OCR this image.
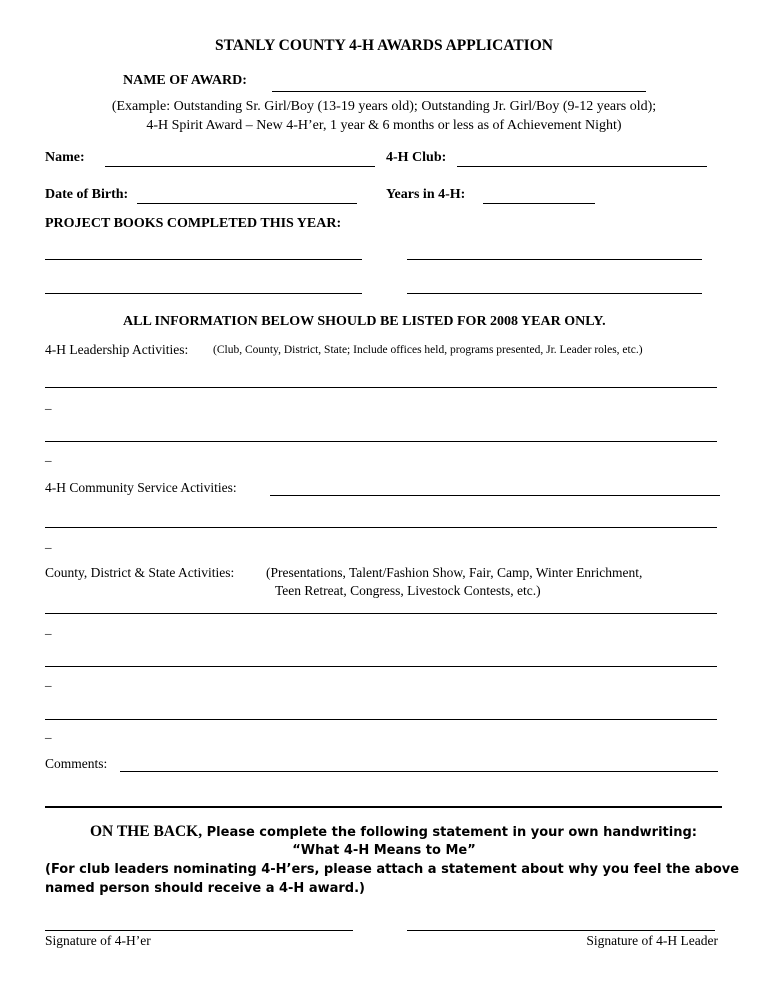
STANLY COUNTY 4-H AWARDS APPLICATION
NAME OF AWARD:
(Example: Outstanding Sr. Girl/Boy (13-19 years old); Outstanding Jr. Girl/Boy (9-12 years old);
4-H Spirit Award – New 4-H’er, 1 year & 6 months or less as of Achievement Night)
Name:	4-H Club:
Date of Birth:	Years in 4-H:
PROJECT BOOKS COMPLETED THIS YEAR:
ALL INFORMATION BELOW SHOULD BE LISTED FOR 2008 YEAR ONLY.
4-H Leadership Activities: (Club, County, District, State; Include offices held, programs presented, Jr. Leader roles, etc.)
_
_
4-H Community Service Activities:
_
County, District & State Activities: (Presentations, Talent/Fashion Show, Fair, Camp, Winter Enrichment,
Teen Retreat, Congress, Livestock Contests, etc.)
_
_
_
Comments:
ON THE BACK, Please complete the following statement in your own handwriting:
“What 4-H Means to Me”
(For club leaders nominating 4-H’ers, please attach a statement about why you feel the above
named person should receive a 4-H award.)
Signature of 4-H’er	Signature of 4-H Leader
